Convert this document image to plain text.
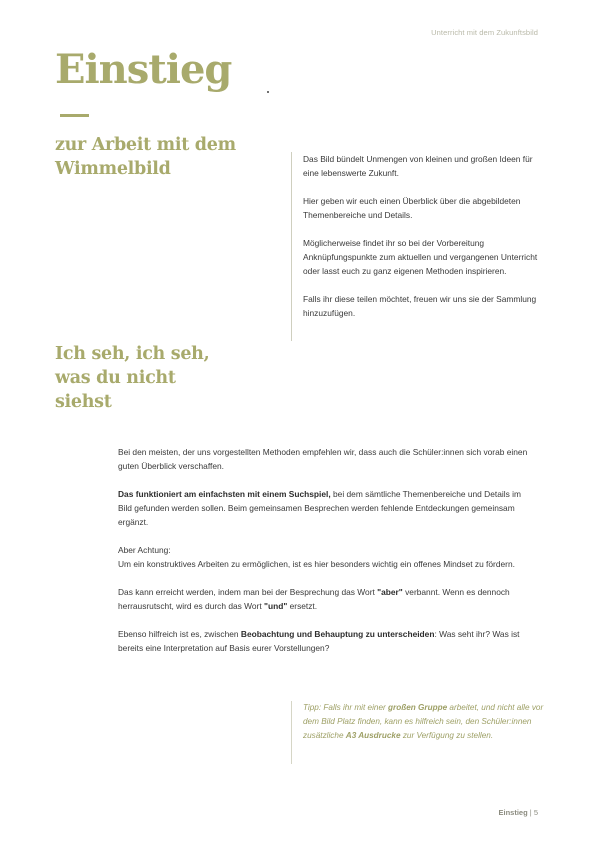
Unterricht mit dem Zukunftsbild
Einstieg
zur Arbeit mit dem Wimmelbild	Das Bild bündelt Unmengen von kleinen und großen Ideen für eine lebenswerte Zukunft.

Hier geben wir euch einen Überblick über die abgebildeten Themenbereiche und Details.

Möglicherweise findet ihr so bei der Vorbereitung Anknüpfungspunkte zum aktuellen und vergangenen Unterricht oder lasst euch zu ganz eigenen Methoden inspirieren.

Falls ihr diese teilen möchtet, freuen wir uns sie der Sammlung hinzuzufügen.

Ich seh, ich seh, was du nicht siehst

Bei den meisten, der uns vorgestellten Methoden empfehlen wir, dass auch die Schüler:innen sich vorab einen guten Überblick verschaffen.

Das funktioniert am einfachsten mit einem Suchspiel, bei dem sämtliche Themenbereiche und Details im Bild gefunden werden sollen. Beim gemeinsamen Besprechen werden fehlende Entdeckungen gemeinsam ergänzt.

Aber Achtung:
Um ein konstruktives Arbeiten zu ermöglichen, ist es hier besonders wichtig ein offenes Mindset zu fördern.

Das kann erreicht werden, indem man bei der Besprechung das Wort "aber" verbannt. Wenn es dennoch herrausrutscht, wird es durch das Wort "und" ersetzt.

Ebenso hilfreich ist es, zwischen Beobachtung und Behauptung zu unterscheiden: Was seht ihr? Was ist bereits eine Interpretation auf Basis eurer Vorstellungen?

Tipp: Falls ihr mit einer großen Gruppe arbeitet, und nicht alle vor dem Bild Platz finden, kann es hilfreich sein, den Schüler:innen zusätzliche A3 Ausdrucke zur Verfügung zu stellen.
Einstieg | 5
